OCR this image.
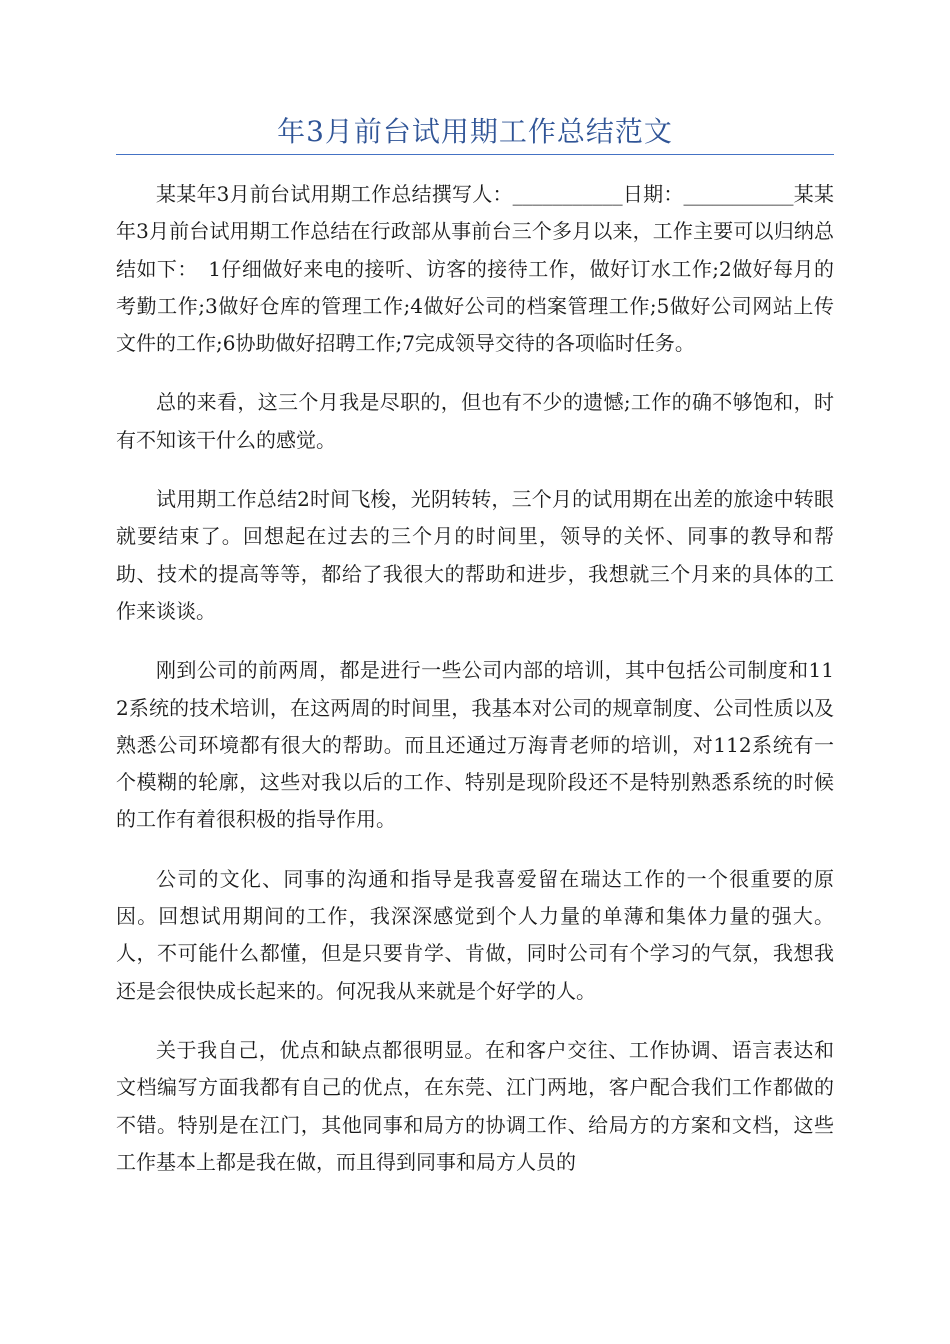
年3月前台试用期工作总结范文

某某年3月前台试用期工作总结撰写人：___________日期：___________某某年3月前台试用期工作总结在行政部从事前台三个多月以来，工作主要可以归纳总结如下：　1仔细做好来电的接听、访客的接待工作，做好订水工作;2做好每月的考勤工作;3做好仓库的管理工作;4做好公司的档案管理工作;5做好公司网站上传文件的工作;6协助做好招聘工作;7完成领导交待的各项临时任务。

总的来看，这三个月我是尽职的，但也有不少的遗憾;工作的确不够饱和，时有不知该干什么的感觉。

试用期工作总结2时间飞梭，光阴转转，三个月的试用期在出差的旅途中转眼就要结束了。回想起在过去的三个月的时间里，领导的关怀、同事的教导和帮助、技术的提高等等，都给了我很大的帮助和进步，我想就三个月来的具体的工作来谈谈。

刚到公司的前两周，都是进行一些公司内部的培训，其中包括公司制度和112系统的技术培训，在这两周的时间里，我基本对公司的规章制度、公司性质以及熟悉公司环境都有很大的帮助。而且还通过万海青老师的培训，对112系统有一个模糊的轮廓，这些对我以后的工作、特别是现阶段还不是特别熟悉系统的时候的工作有着很积极的指导作用。

公司的文化、同事的沟通和指导是我喜爱留在瑞达工作的一个很重要的原因。回想试用期间的工作，我深深感觉到个人力量的单薄和集体力量的强大。人，不可能什么都懂，但是只要肯学、肯做，同时公司有个学习的气氛，我想我还是会很快成长起来的。何况我从来就是个好学的人。

关于我自己，优点和缺点都很明显。在和客户交往、工作协调、语言表达和文档编写方面我都有自己的优点，在东莞、江门两地，客户配合我们工作都做的不错。特别是在江门，其他同事和局方的协调工作、给局方的方案和文档，这些工作基本上都是我在做，而且得到同事和局方人员的
